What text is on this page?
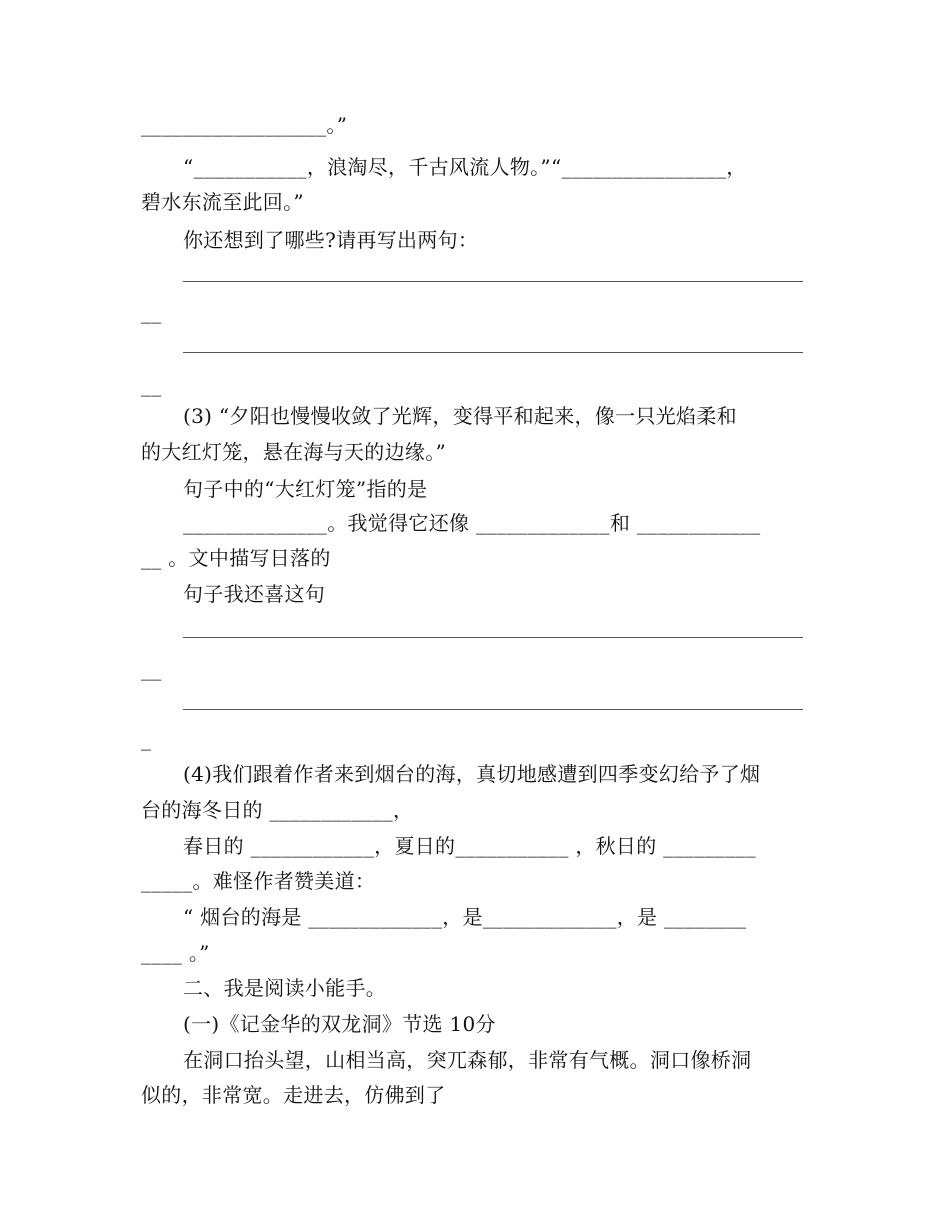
__________________。”
“___________，浪淘尽，千古风流人物。”“________________，
碧水东流至此回。”
你还想到了哪些?请再写出两句：
__
__
(3) “夕阳也慢慢收敛了光辉，变得平和起来，像一只光焰柔和
的大红灯笼，悬在海与天的边缘。”
句子中的“大红灯笼”指的是
______________。我觉得它还像 _____________和 ____________
__ 。文中描写日落的
句子我还喜这句
__
_
(4)我们跟着作者来到烟台的海，真切地感遭到四季变幻给予了烟
台的海冬日的 ____________，
春日的 ____________，夏日的___________ ，秋日的 _________
_____。难怪作者赞美道：
“ 烟台的海是 _____________，是_____________，是 ________
____ 。”
二、我是阅读小能手。
(一)《记金华的双龙洞》节选 10分
在洞口抬头望，山相当高，突兀森郁，非常有气概。洞口像桥洞
似的，非常宽。走进去，仿佛到了
